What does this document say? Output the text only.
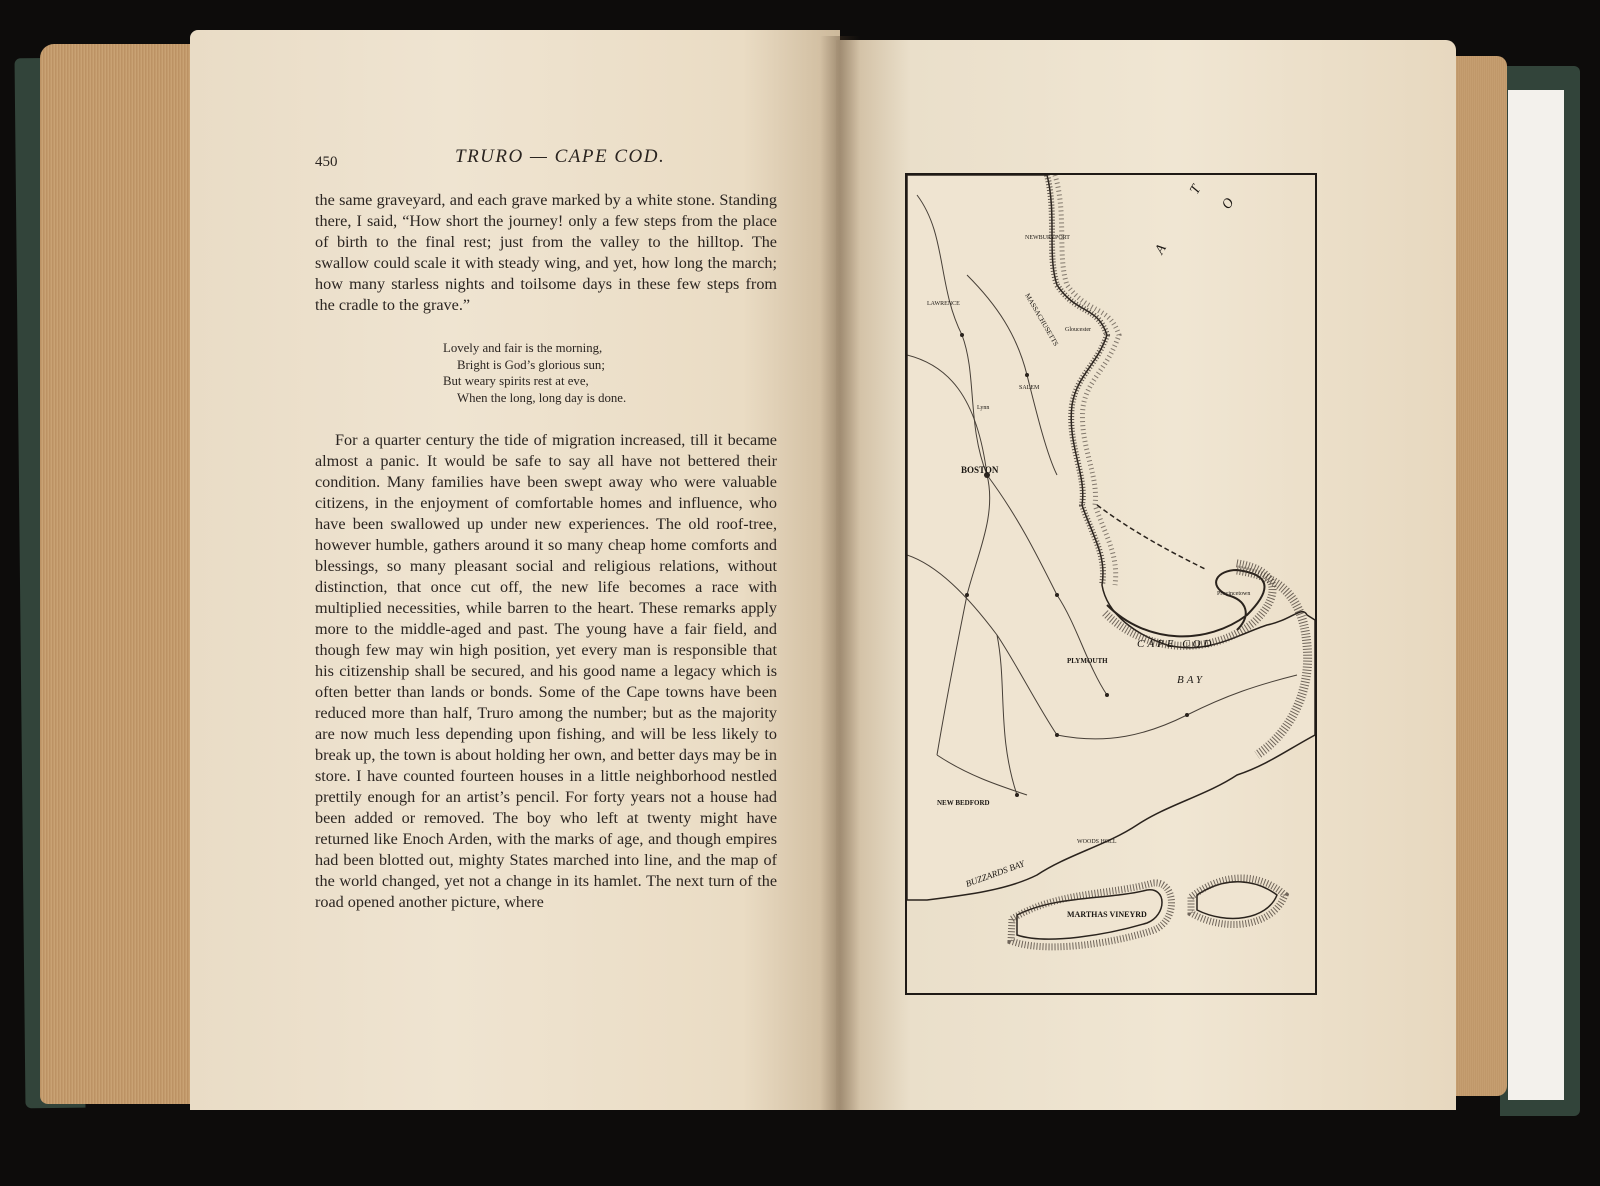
450	TRURO — CAPE COD.

the same graveyard, and each grave marked by a white stone. Standing there, I said, “How short the journey! only a few steps from the place of birth to the final rest; just from the valley to the hilltop. The swallow could scale it with steady wing, and yet, how long the march; how many starless nights and toilsome days in these few steps from the cradle to the grave.”

Lovely and fair is the morning,
Bright is God’s glorious sun;
But weary spirits rest at eve,
When the long, long day is done.

For a quarter century the tide of migration increased, till it became almost a panic. It would be safe to say all have not bettered their condition. Many families have been swept away who were valuable citizens, in the enjoyment of comfortable homes and influence, who have been swallowed up under new experiences. The old roof-tree, however humble, gathers around it so many cheap home comforts and blessings, so many pleasant social and religious relations, without distinction, that once cut off, the new life becomes a race with multiplied necessities, while barren to the heart. These remarks apply more to the middle-aged and past. The young have a fair field, and though few may win high position, yet every man is responsible that his citizenship shall be secured, and his good name a legacy which is often better than lands or bonds. Some of the Cape towns have been reduced more than half, Truro among the number; but as the majority are now much less depending upon fishing, and will be less likely to break up, the town is about holding her own, and better days may be in store. I have counted fourteen houses in a little neighborhood nestled prettily enough for an artist’s pencil. For forty years not a house had been added or removed. The boy who left at twenty might have returned like Enoch Arden, with the marks of age, and though empires had been blotted out, mighty States marched into line, and the map of the world changed, yet not a change in its hamlet. The next turn of the road opened another picture, where

BOSTON
MASSACHUSETTS
CAPE COD
BAY
PLYMOUTH
NEW BEDFORD
WOODS HOLL
MARTHAS VINEYRD
BUZZARDS BAY
Provincetown
LAWRENCE
SALEM
NEWBURYPORT
Gloucester
Lynn
A
T
O
